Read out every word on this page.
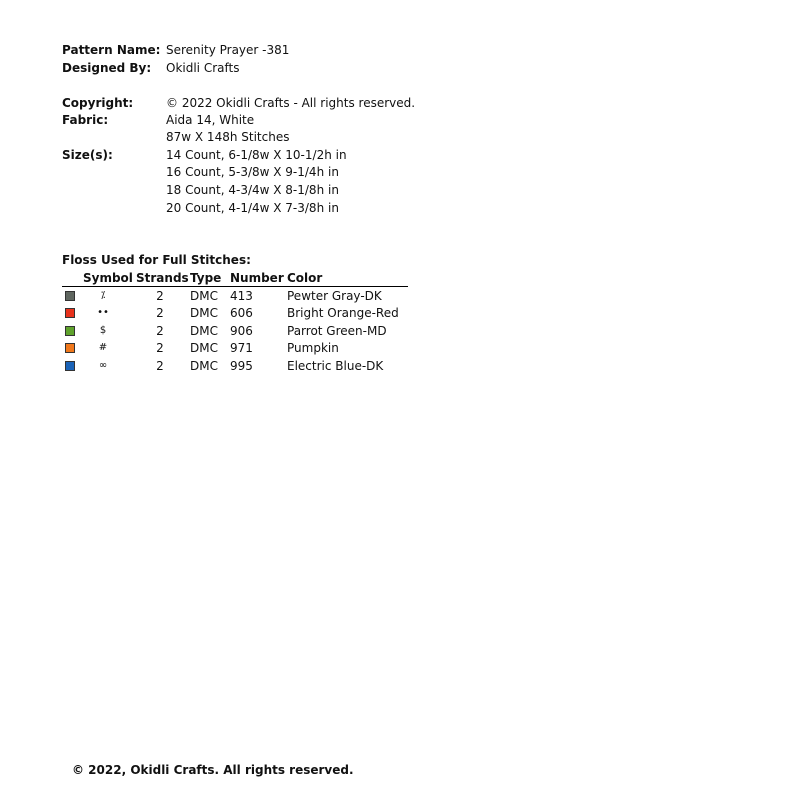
Pattern Name: Serenity Prayer -381
Designed By: Okidli Crafts
Copyright:	© 2022 Okidli Crafts - All rights reserved.
Fabric:	Aida 14, White
87w X 148h Stitches
Size(s):	14 Count, 6-1/8w X 10-1/2h in
16 Count, 5-3/8w X 9-1/4h in
18 Count, 4-3/4w X 8-1/8h in
20 Count, 4-1/4w X 7-3/8h in
Floss Used for Full Stitches:
Symbol Strands Type Number Color
⁒	2	DMC 413	Pewter Gray-DK
••	2	DMC 606	Bright Orange-Red
$	2	DMC 906	Parrot Green-MD
#	2	DMC 971	Pumpkin
∞	2	DMC 995	Electric Blue-DK
© 2022, Okidli Crafts. All rights reserved.
